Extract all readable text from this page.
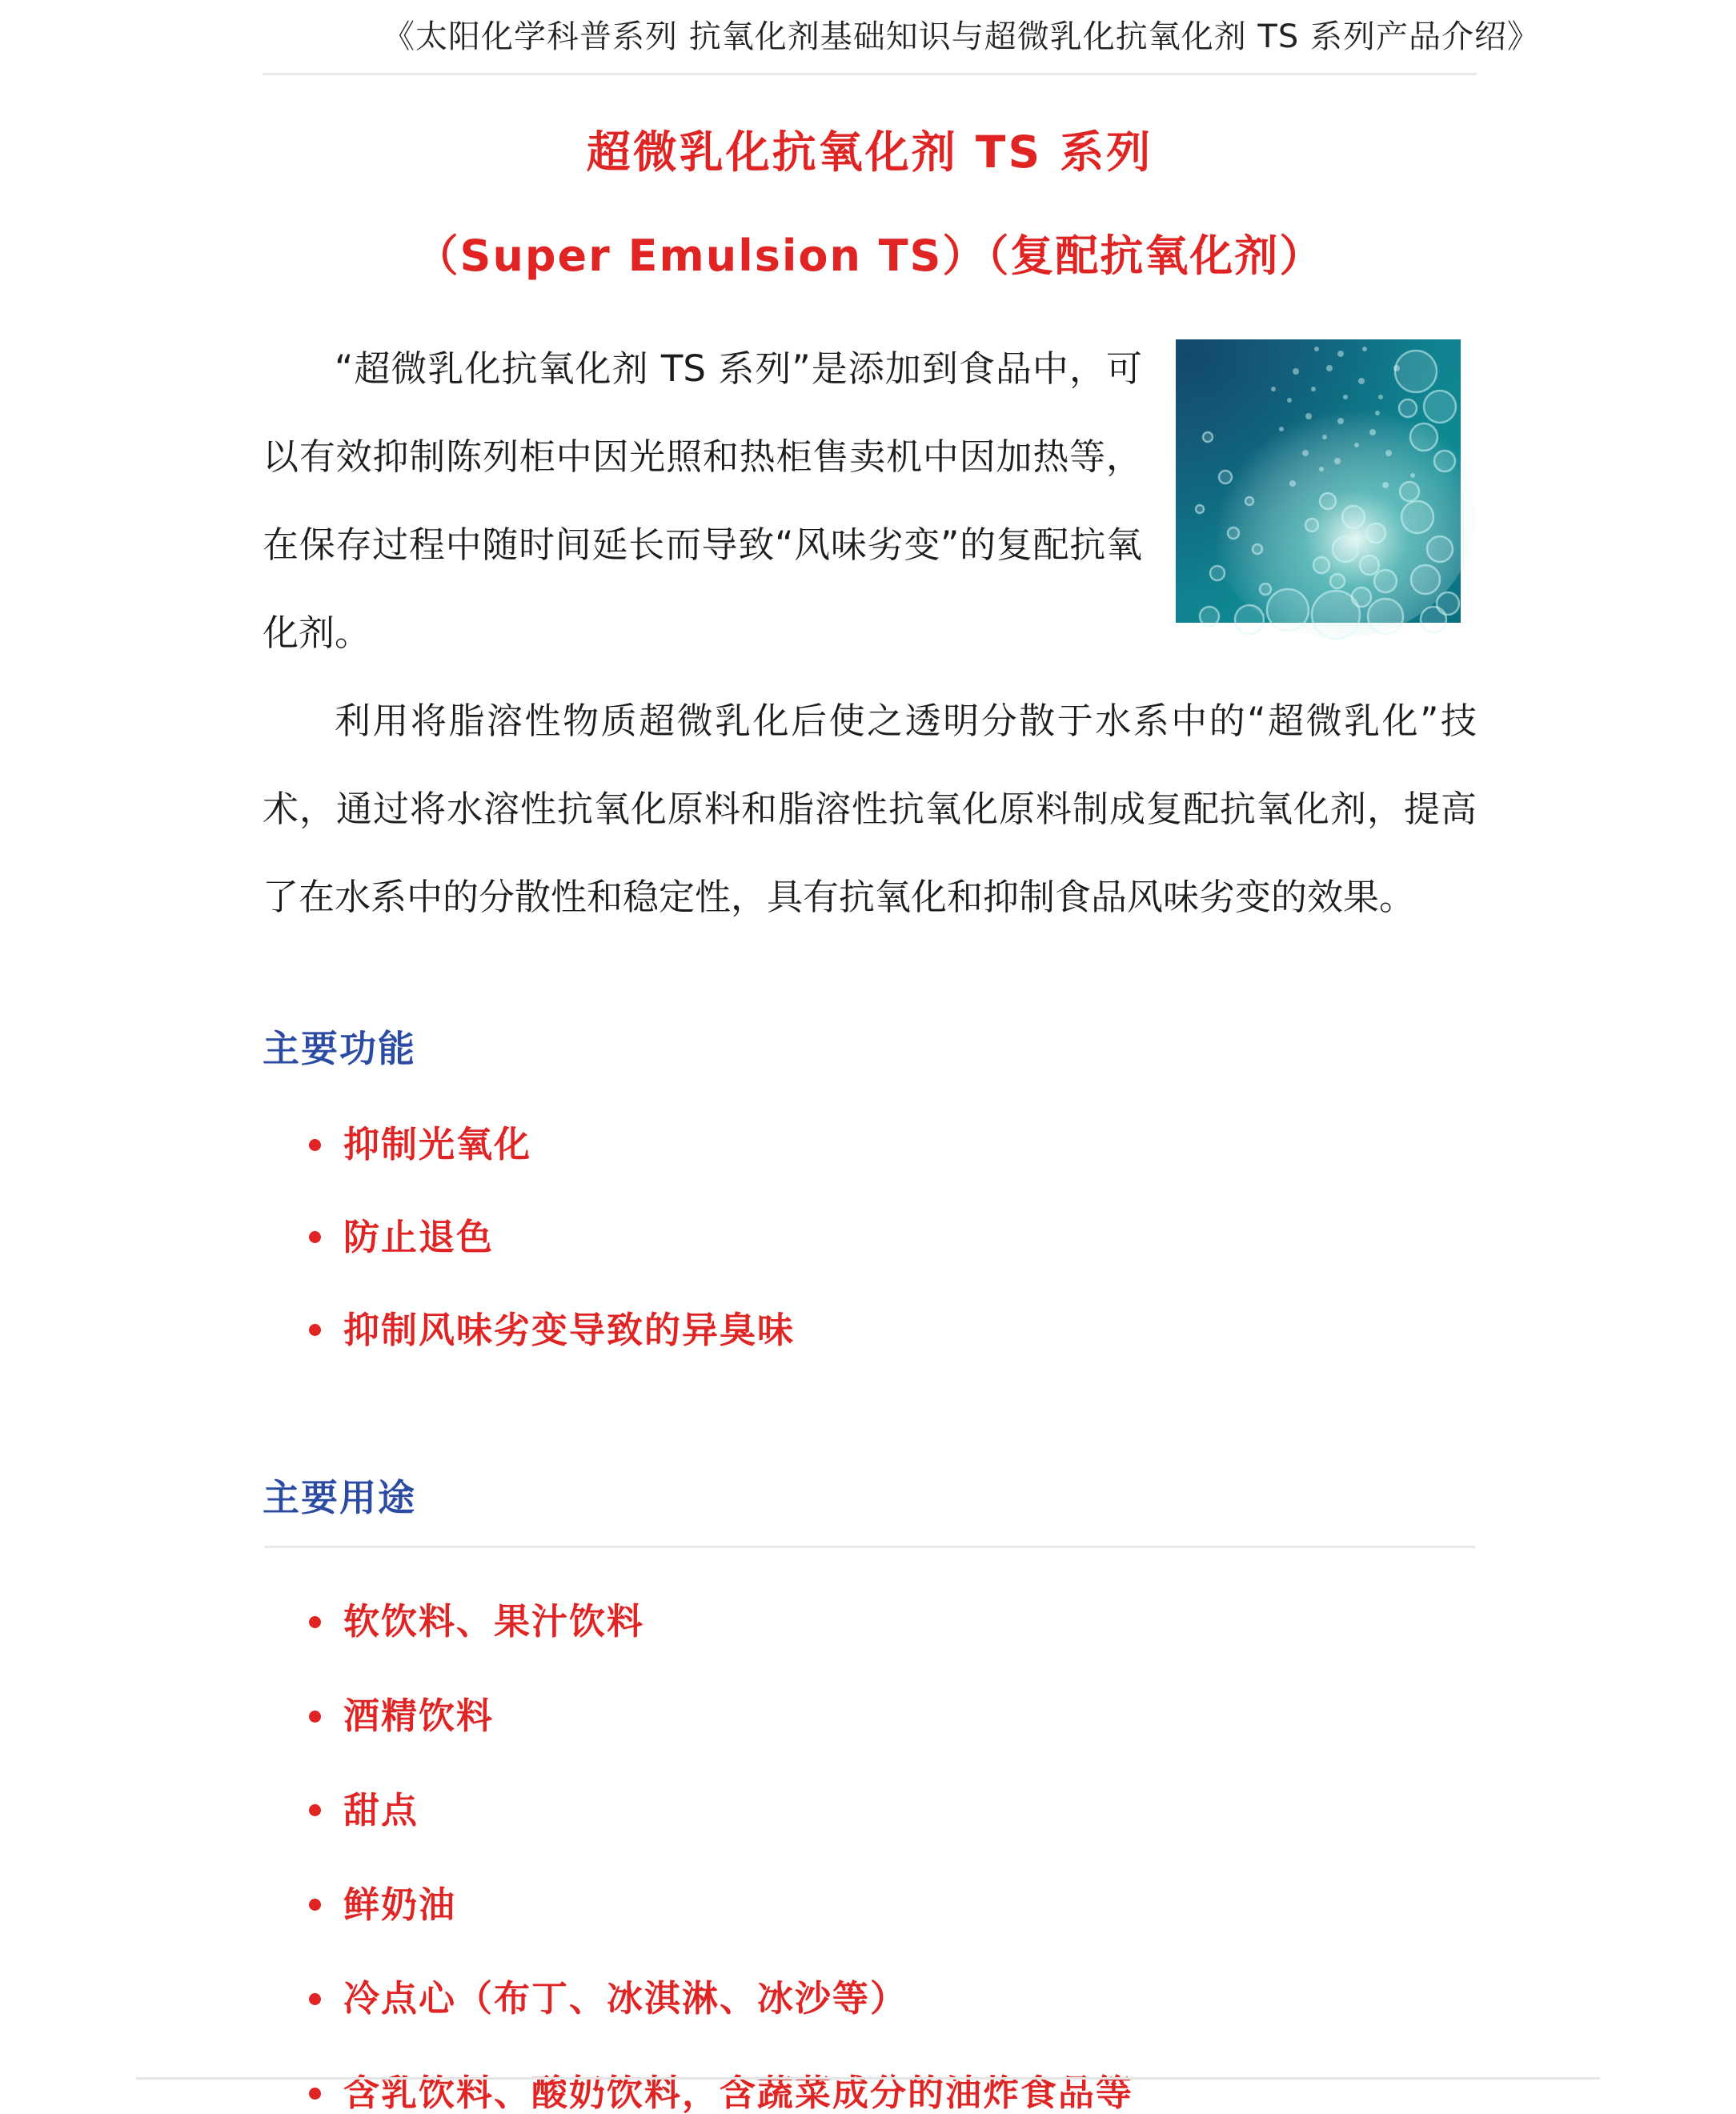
《太阳化学科普系列 抗氧化剂基础知识与超微乳化抗氧化剂 TS 系列产品介绍》
超微乳化抗氧化剂 TS 系列
（Super Emulsion TS）（复配抗氧化剂）

“超微乳化抗氧化剂 TS 系列”是添加到食品中，可以有效抑制陈列柜中因光照和热柜售卖机中因加热等，在保存过程中随时间延长而导致“风味劣变”的复配抗氧化剂。

利用将脂溶性物质超微乳化后使之透明分散于水系中的“超微乳化”技术，通过将水溶性抗氧化原料和脂溶性抗氧化原料制成复配抗氧化剂，提高了在水系中的分散性和稳定性，具有抗氧化和抑制食品风味劣变的效果。

主要功能
抑制光氧化
防止退色
抑制风味劣变导致的异臭味
主要用途
软饮料、果汁饮料
酒精饮料
甜点
鲜奶油
冷点心（布丁、冰淇淋、冰沙等）
含乳饮料、酸奶饮料，含蔬菜成分的油炸食品等
